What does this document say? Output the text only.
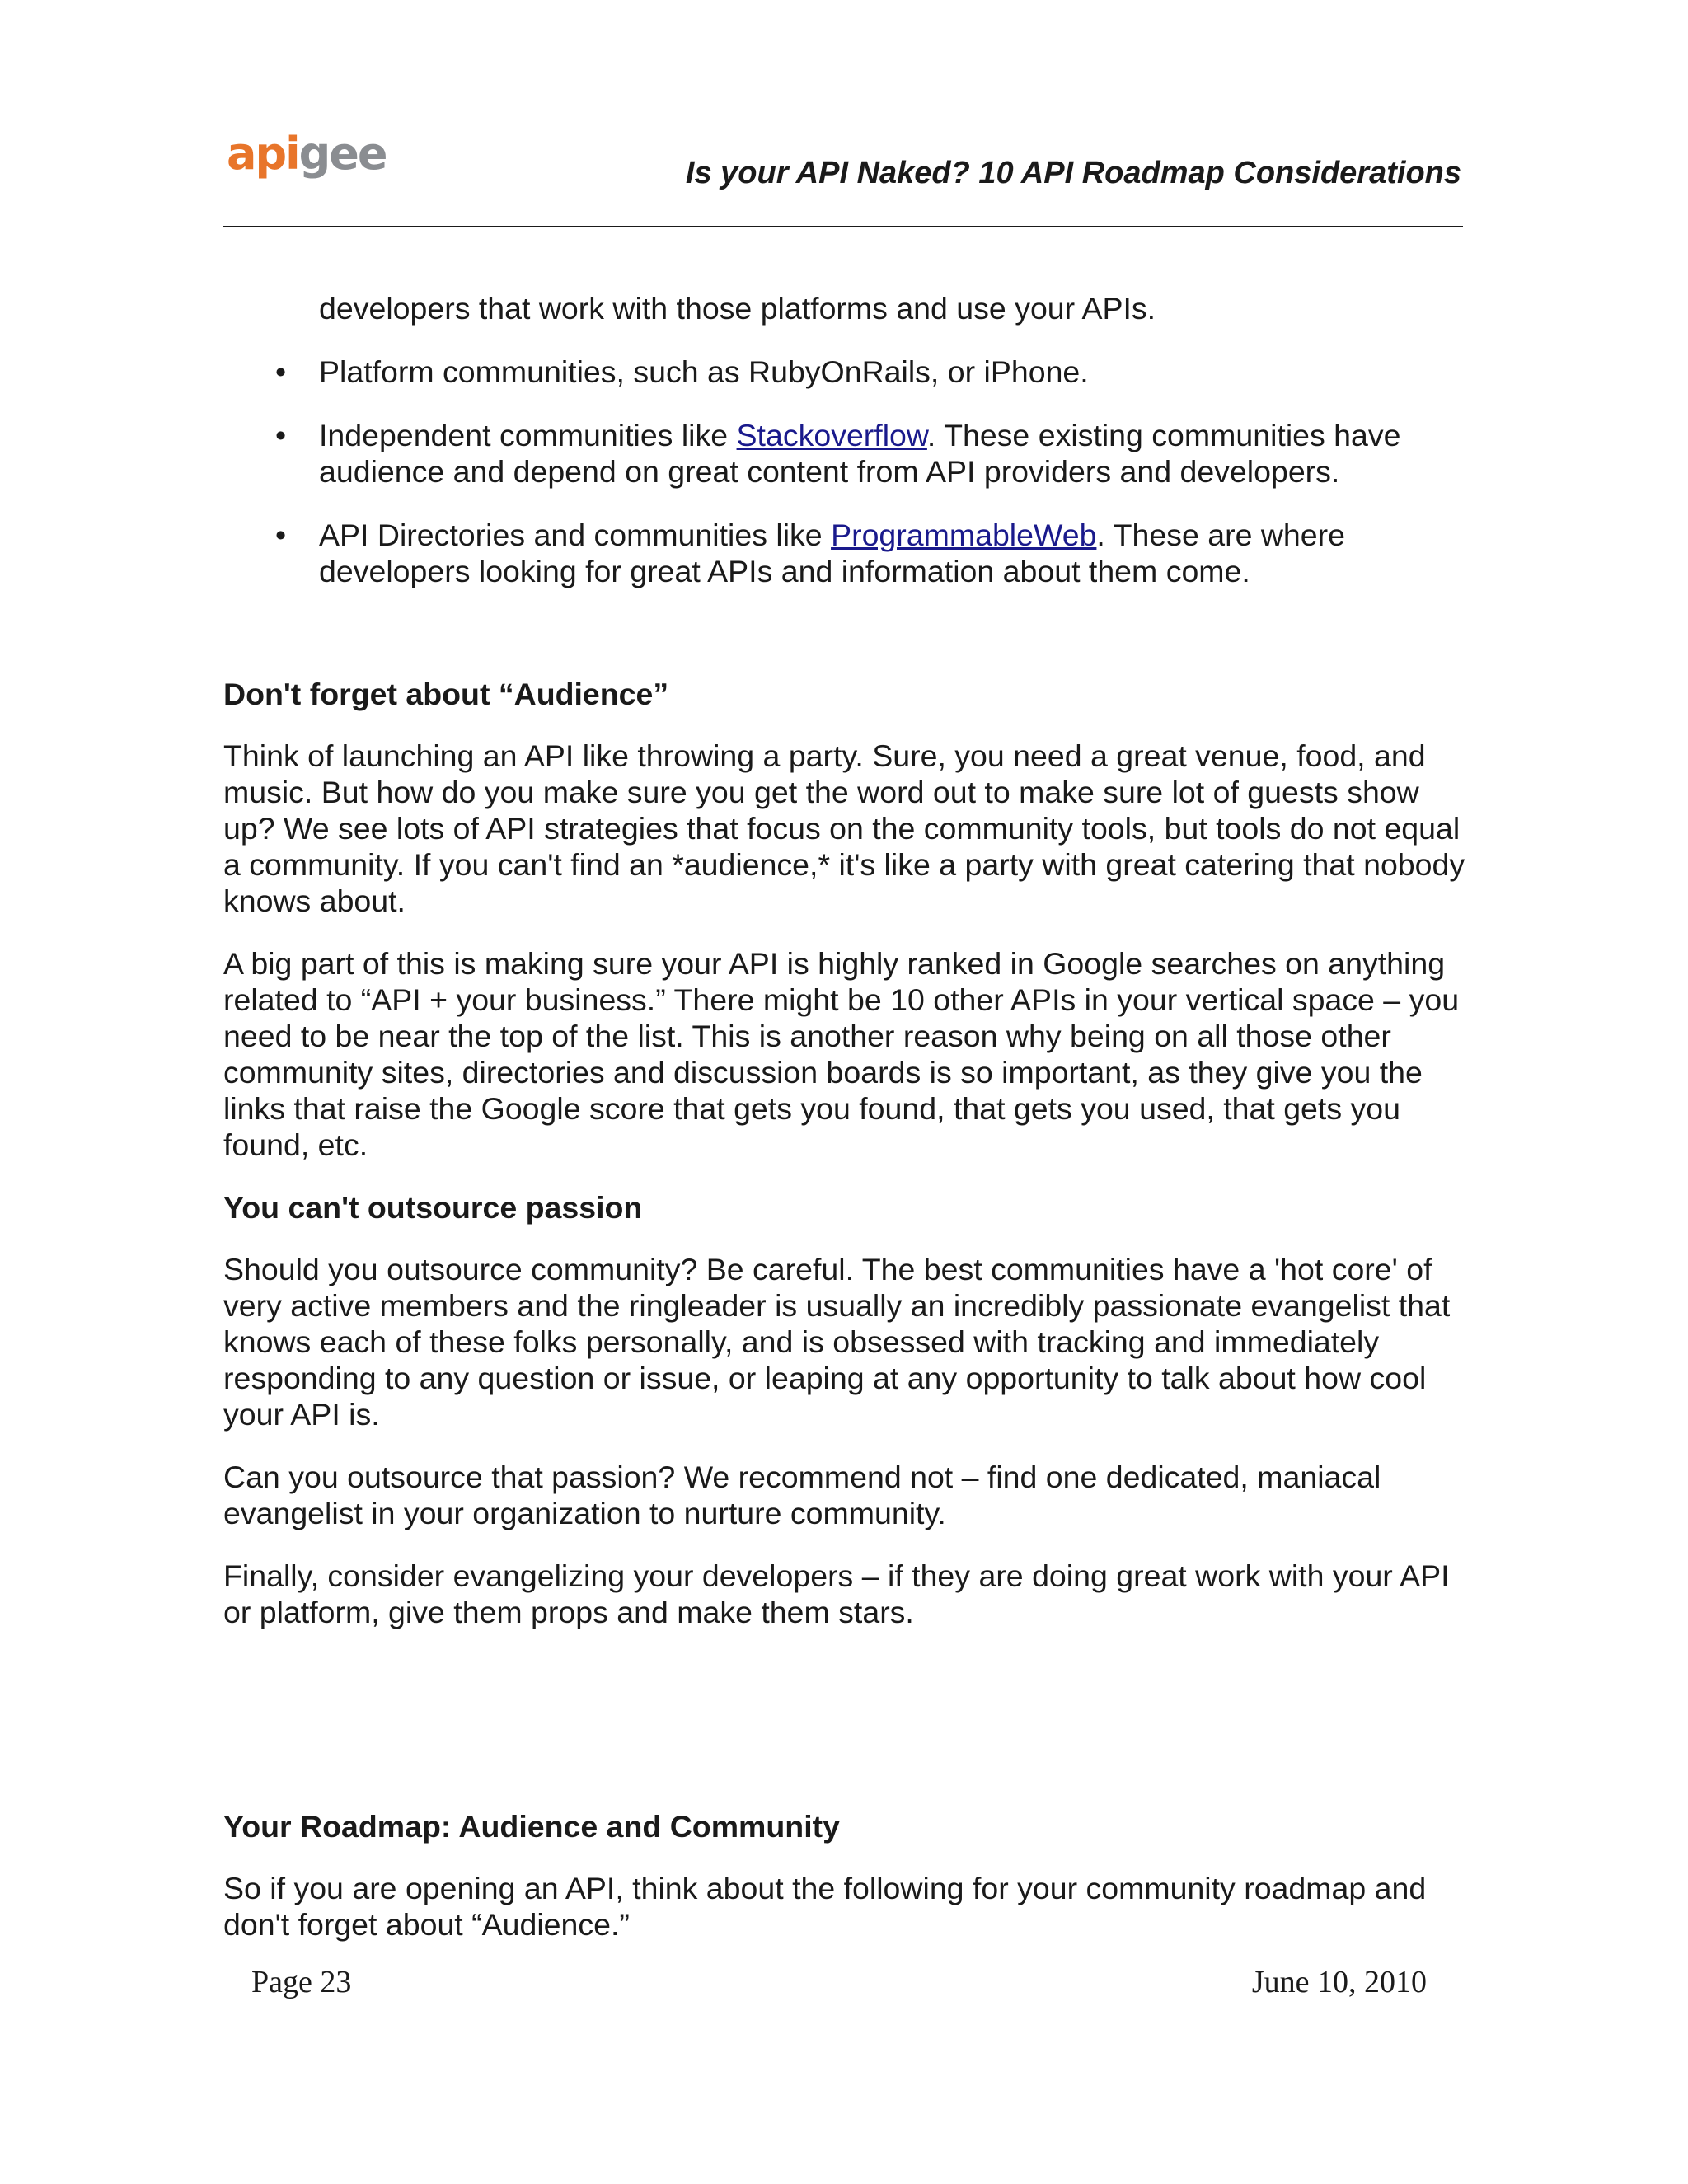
apigee	Is your API Naked? 10 API Roadmap Considerations

developers that work with those platforms and use your APIs.

• Platform communities, such as RubyOnRails, or iPhone.
• Independent communities like Stackoverflow. These existing communities have audience and depend on great content from API providers and developers.
• API Directories and communities like ProgrammableWeb. These are where developers looking for great APIs and information about them come.
Don't forget about “Audience”

Think of launching an API like throwing a party. Sure, you need a great venue, food, and music. But how do you make sure you get the word out to make sure lot of guests show up? We see lots of API strategies that focus on the community tools, but tools do not equal a community. If you can't find an *audience,* it's like a party with great catering that nobody knows about.

A big part of this is making sure your API is highly ranked in Google searches on anything related to “API + your business.” There might be 10 other APIs in your vertical space – you need to be near the top of the list. This is another reason why being on all those other community sites, directories and discussion boards is so important, as they give you the links that raise the Google score that gets you found, that gets you used, that gets you found, etc.

You can't outsource passion

Should you outsource community? Be careful. The best communities have a 'hot core' of very active members and the ringleader is usually an incredibly passionate evangelist that knows each of these folks personally, and is obsessed with tracking and immediately responding to any question or issue, or leaping at any opportunity to talk about how cool your API is.

Can you outsource that passion? We recommend not – find one dedicated, maniacal evangelist in your organization to nurture community.

Finally, consider evangelizing your developers – if they are doing great work with your API or platform, give them props and make them stars.

Your Roadmap: Audience and Community

So if you are opening an API, think about the following for your community roadmap and don't forget about “Audience.”

Page 23	June 10, 2010
